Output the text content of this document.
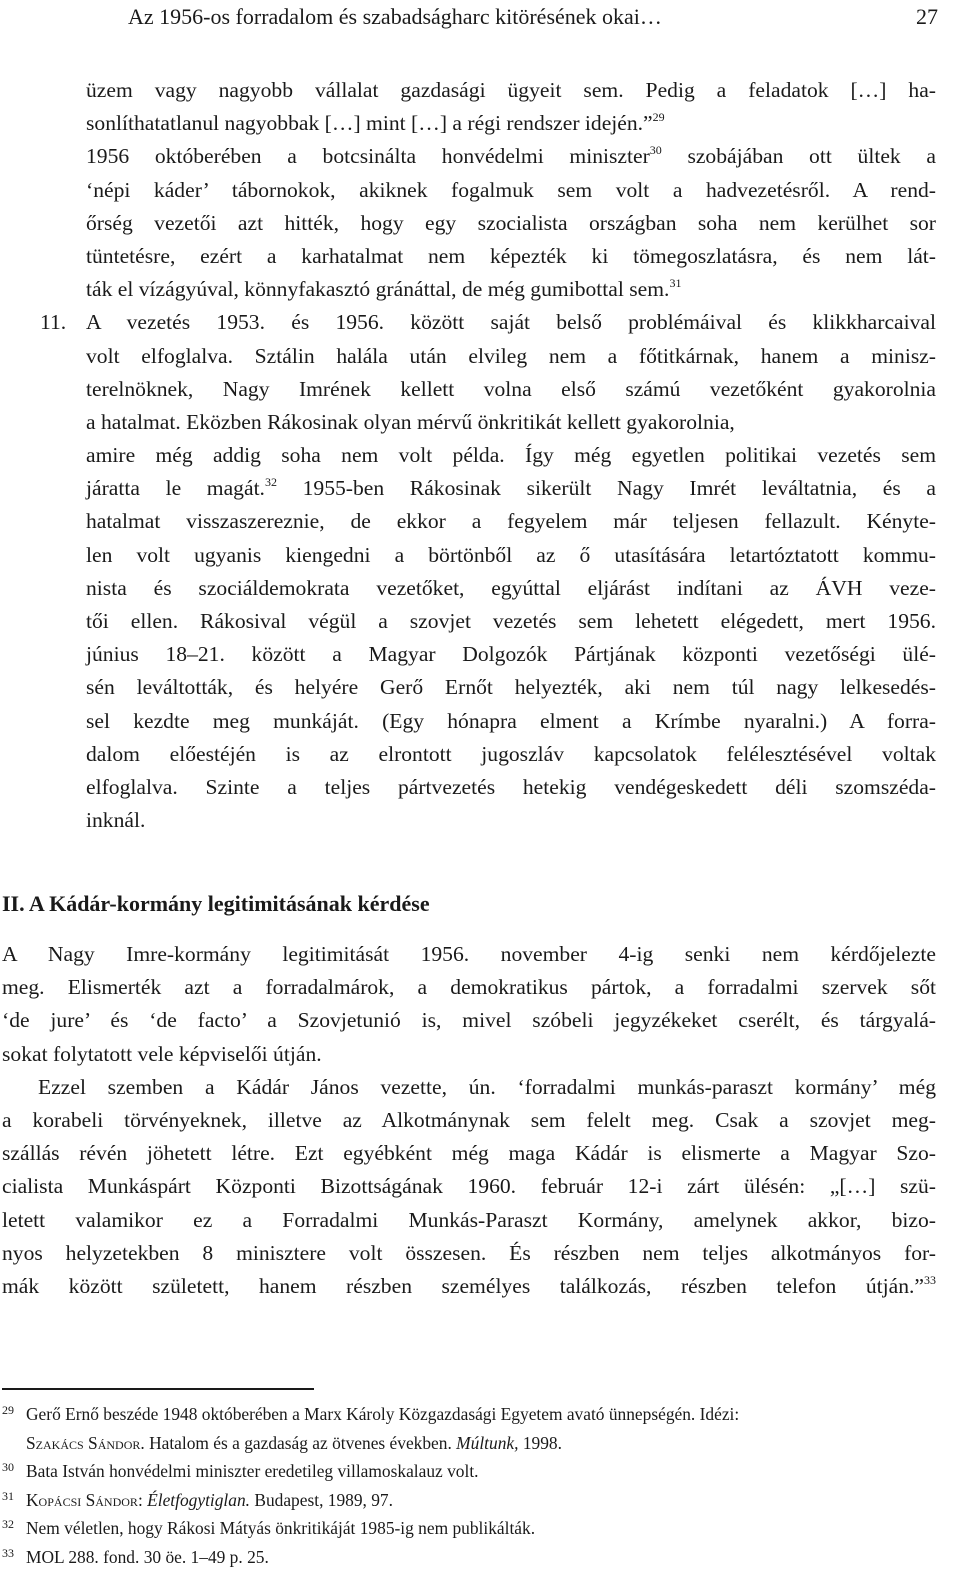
Az 1956-os forradalom és szabadságharc kitörésének okai…	27
üzem vagy nagyobb vállalat gazdasági ügyeit sem. Pedig a feladatok […] ha-
sonlíthatatlanul nagyobbak […] mint […] a régi rendszer idején.”$^{29}$
1956 októberében a botcsinálta honvédelmi miniszter$^{30}$ szobájában ott ültek a
‘népi káder’ tábornokok, akiknek fogalmuk sem volt a hadvezetésről. A rend-
őrség vezetői azt hitték, hogy egy szocialista országban soha nem kerülhet sor
tüntetésre, ezért a karhatalmat nem képezték ki tömegoszlatásra, és nem lát-
ták el vízágyúval, könnyfakasztó gránáttal, de még gumibottal sem.$^{31}$
11. A vezetés 1953. és 1956. között saját belső problémáival és klikkharcaival
volt elfoglalva. Sztálin halála után elvileg nem a főtitkárnak, hanem a minisz-
terelnöknek, Nagy Imrének kellett volna első számú vezetőként gyakorolnia
a hatalmat. Eközben Rákosinak olyan mérvű önkritikát kellett gyakorolnia,
amire még addig soha nem volt példa. Így még egyetlen politikai vezetés sem
járatta le magát.$^{32}$ 1955-ben Rákosinak sikerült Nagy Imrét leváltatnia, és a
hatalmat visszaszereznie, de ekkor a fegyelem már teljesen fellazult. Kényte-
len volt ugyanis kiengedni a börtönből az ő utasítására letartóztatott kommu-
nista és szociáldemokrata vezetőket, egyúttal eljárást indítani az ÁVH veze-
tői ellen. Rákosival végül a szovjet vezetés sem lehetett elégedett, mert 1956.
június 18–21. között a Magyar Dolgozók Pártjának központi vezetőségi ülé-
sén leváltották, és helyére Gerő Ernőt helyezték, aki nem túl nagy lelkesedés-
sel kezdte meg munkáját. (Egy hónapra elment a Krímbe nyaralni.) A forra-
dalom előestéjén is az elrontott jugoszláv kapcsolatok felélesztésével voltak
elfoglalva. Szinte a teljes pártvezetés hetekig vendégeskedett déli szomszéda-
inknál.
II. A Kádár-kormány legitimitásának kérdése
A Nagy Imre-kormány legitimitását 1956. november 4-ig senki nem kérdőjelezte
meg. Elismerték azt a forradalmárok, a demokratikus pártok, a forradalmi szervek sőt
‘de jure’ és ‘de facto’ a Szovjetunió is, mivel szóbeli jegyzékeket cserélt, és tárgyalá-
sokat folytatott vele képviselői útján.
Ezzel szemben a Kádár János vezette, ún. ‘forradalmi munkás-paraszt kormány’ még
a korabeli törvényeknek, illetve az Alkotmánynak sem felelt meg. Csak a szovjet meg-
szállás révén jöhetett létre. Ezt egyébként még maga Kádár is elismerte a Magyar Szo-
cialista Munkáspárt Központi Bizottságának 1960. február 12-i zárt ülésén: „[…] szü-
letett valamikor ez a Forradalmi Munkás-Paraszt Kormány, amelynek akkor, bizo-
nyos helyzetekben 8 minisztere volt összesen. És részben nem teljes alkotmányos for-
mák között született, hanem részben személyes találkozás, részben telefon útján.”$^{33}$
29 Gerő Ernő beszéde 1948 októberében a Marx Károly Közgazdasági Egyetem avató ünnepségén. Idézi:
Szakács Sándor. Hatalom és a gazdaság az ötvenes években. Múltunk, 1998.
30 Bata István honvédelmi miniszter eredetileg villamoskalauz volt.
31 Kopácsi Sándor: Életfogytiglan. Budapest, 1989, 97.
32 Nem véletlen, hogy Rákosi Mátyás önkritikáját 1985-ig nem publikálták.
33 MOL 288. fond. 30 öe. 1–49 p. 25.
